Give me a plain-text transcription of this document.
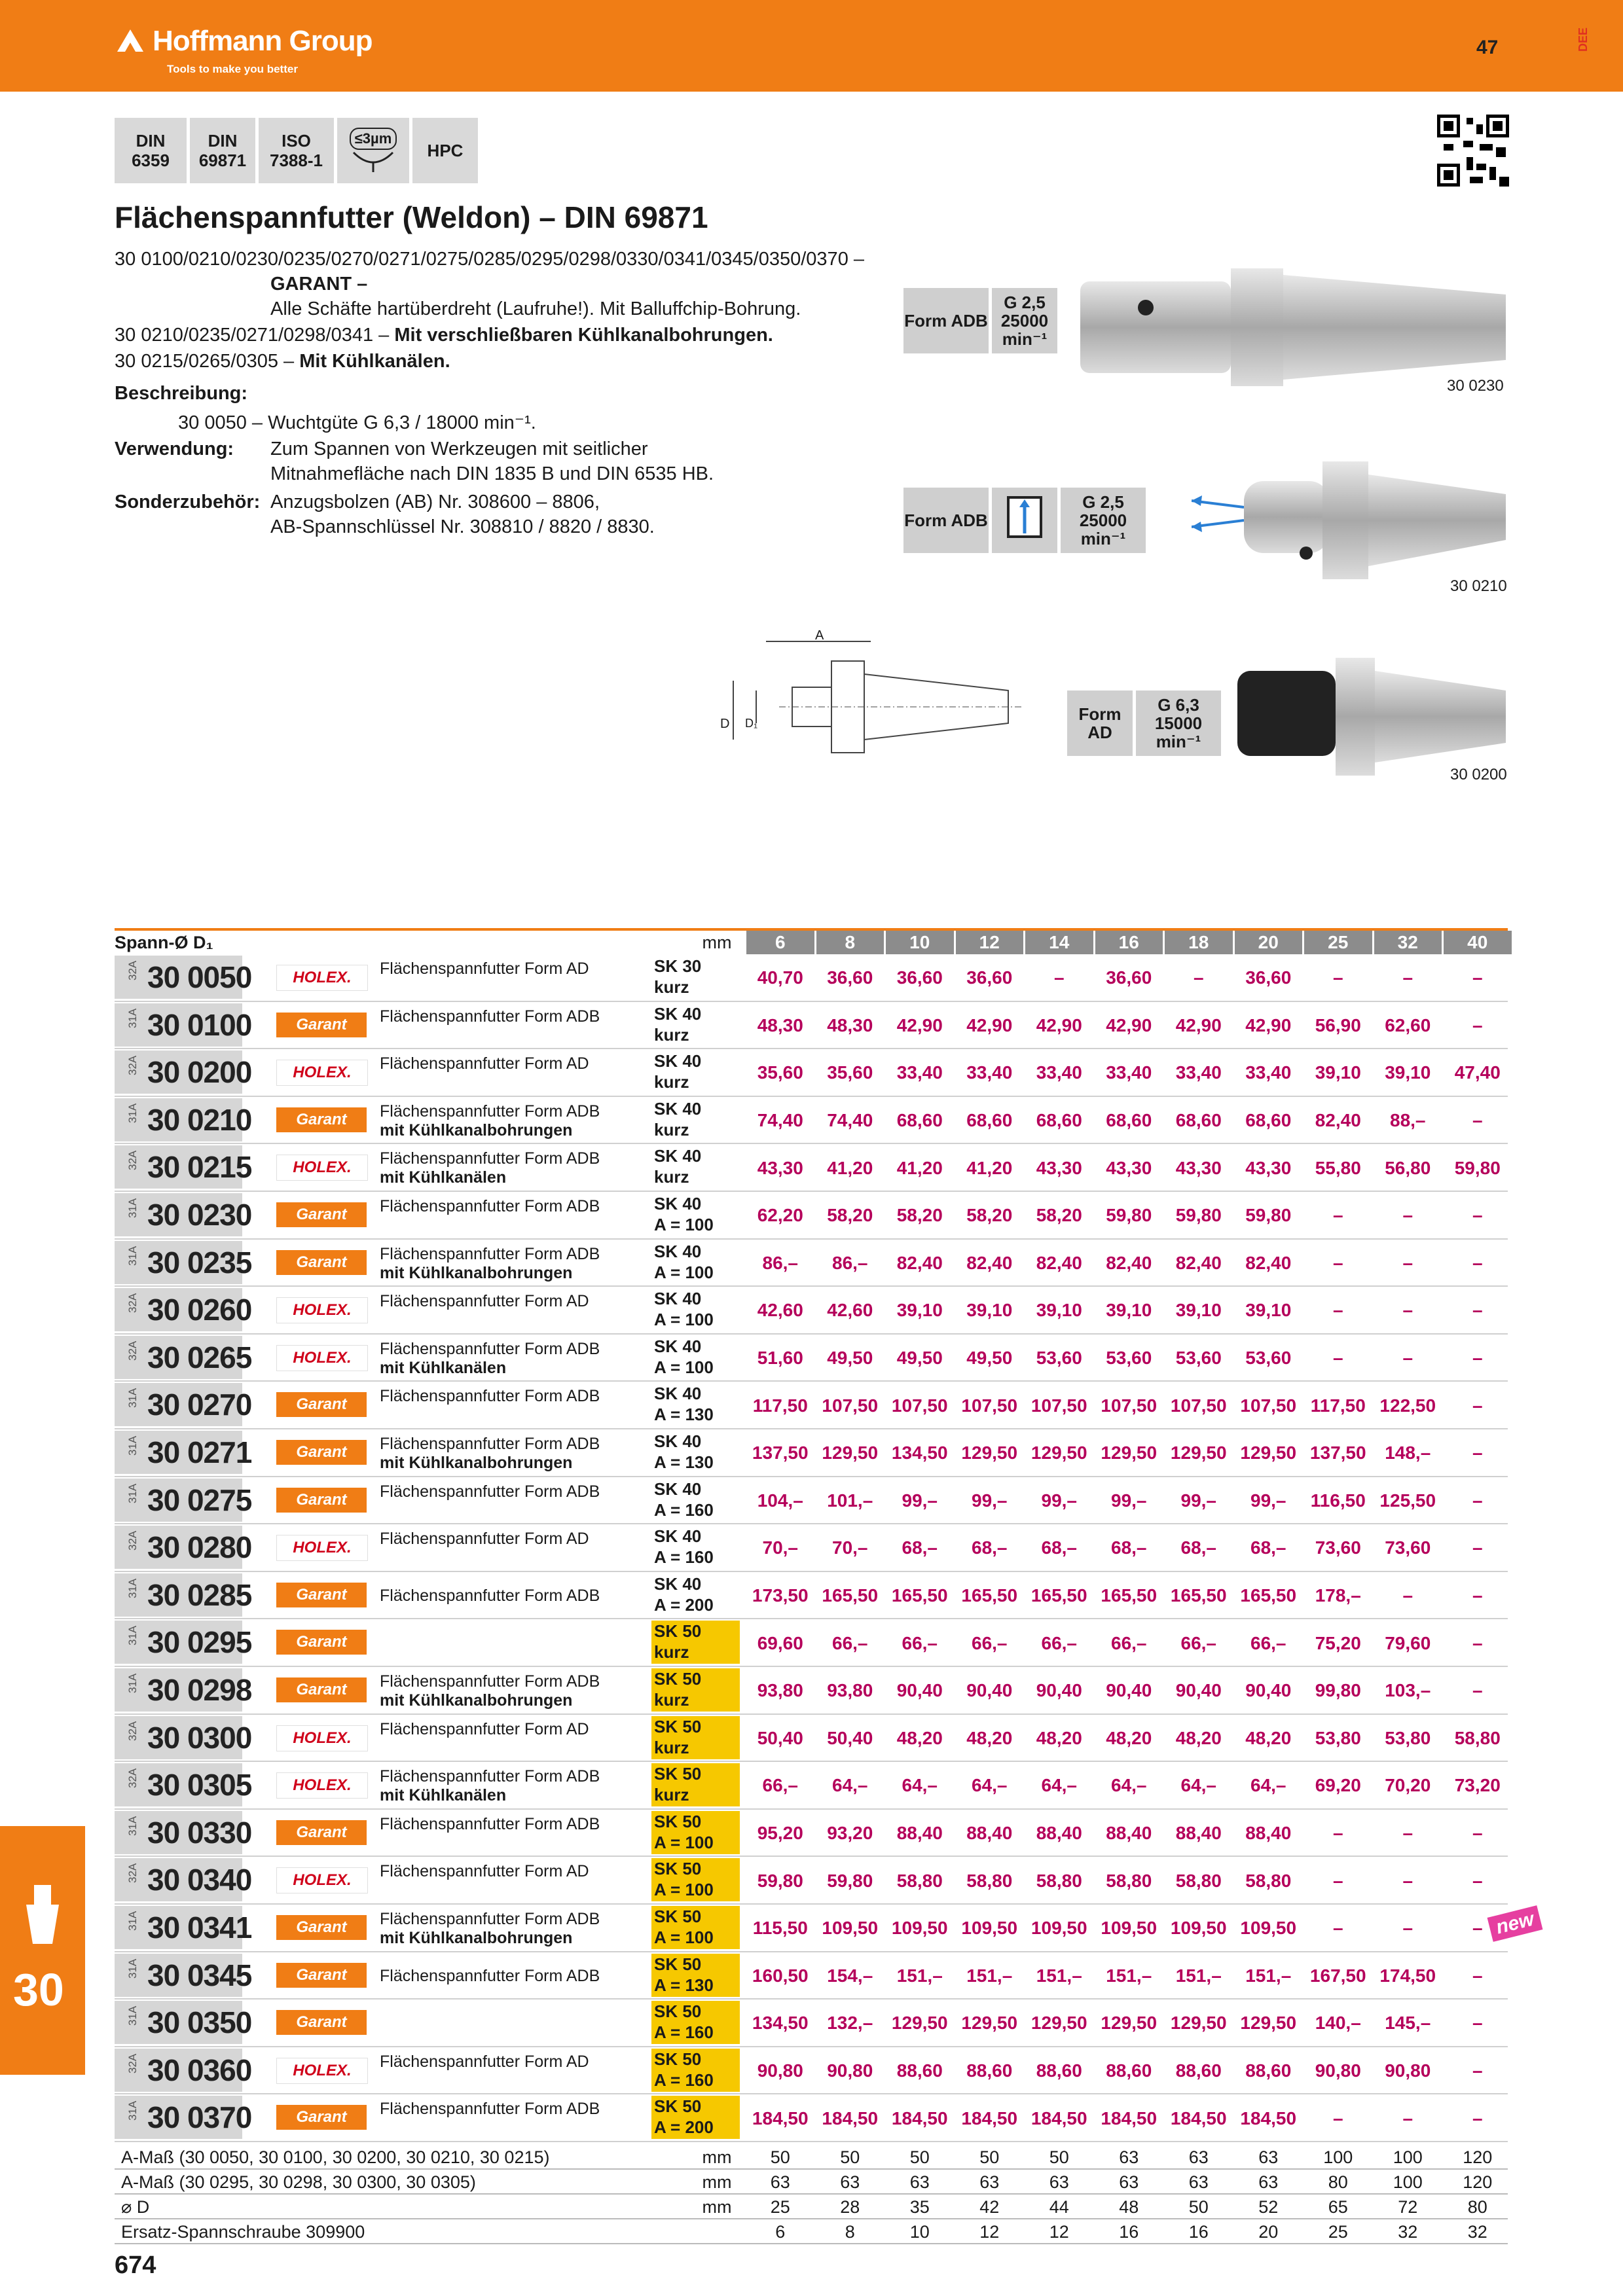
Hoffmann Group
Tools to make you better
47	DEE
DIN
6359
DIN
69871
ISO
7388-1
≤3µm
HPC
Flächenspannfutter (Weldon) – DIN 69871
30 0100/0210/0230/0235/0270/0271/0275/0285/0295/0298/0330/0341/0345/0350/0370 –
GARANT –
Alle Schäfte hartüberdreht (Laufruhe!). Mit Balluffchip-Bohrung.
30 0210/0235/0271/0298/0341 – Mit verschließbaren Kühlkanalbohrungen.
30 0215/0265/0305 – Mit Kühlkanälen.
Beschreibung:
30 0050 – Wuchtgüte G 6,3 / 18000 min⁻¹.
Verwendung: Zum Spannen von Werkzeugen mit seitlicher
Mitnahmefläche nach DIN 1835 B und DIN 6535 HB.
Sonderzubehör: Anzugsbolzen (AB) Nr. 308600 – 8806,
AB-Spannschlüssel Nr. 308810 / 8820 / 8830.
Form ADB
G 2,5
25000
min⁻¹
30 0230
Form ADB
G 2,5
25000
min⁻¹
30 0210
A
D D₁	Form AD
G 6,3
15000
min⁻¹
30 0200
Spann-Ø D₁	mm	6	8	10	12	14	16	18	20	25	32	40
32A 30 0050	HOLEX.	Flächenspannfutter Form AD	SK 30
kurz	40,70	36,60	36,60	36,60	–	36,60	–	36,60	–	–	–
31A 30 0100	Garant	Flächenspannfutter Form ADB	SK 40
kurz	48,30	48,30	42,90	42,90	42,90	42,90	42,90	42,90	56,90	62,60	–
32A 30 0200	HOLEX.	Flächenspannfutter Form AD	SK 40
kurz	35,60	35,60	33,40	33,40	33,40	33,40	33,40	33,40	39,10	39,10	47,40
31A 30 0210	Garant	Flächenspannfutter Form ADB
mit Kühlkanalbohrungen
SK 40
kurz	74,40	74,40	68,60	68,60	68,60	68,60	68,60	68,60	82,40	88,–	–
32A 30 0215	HOLEX.	Flächenspannfutter Form ADB
mit Kühlkanälen
SK 40
kurz	43,30	41,20	41,20	41,20	43,30	43,30	43,30	43,30	55,80	56,80	59,80
31A 30 0230	Garant	Flächenspannfutter Form ADB	SK 40
A = 100	62,20	58,20	58,20	58,20	58,20	59,80	59,80	59,80	–	–	–
31A 30 0235	Garant	Flächenspannfutter Form ADB
mit Kühlkanalbohrungen
SK 40
A = 100	86,–	86,–	82,40	82,40	82,40	82,40	82,40	82,40	–	–	–
32A 30 0260	HOLEX.	Flächenspannfutter Form AD	SK 40
A = 100	42,60	42,60	39,10	39,10	39,10	39,10	39,10	39,10	–	–	–
32A 30 0265	HOLEX.	Flächenspannfutter Form ADB
mit Kühlkanälen
SK 40
A = 100	51,60	49,50	49,50	49,50	53,60	53,60	53,60	53,60	–	–	–
31A 30 0270	Garant	Flächenspannfutter Form ADB	SK 40
A = 130	117,50 107,50 107,50 107,50 107,50 107,50 107,50 107,50 117,50 122,50	–
31A 30 0271	Garant	Flächenspannfutter Form ADB
mit Kühlkanalbohrungen
SK 40
A = 130	137,50 129,50 134,50 129,50 129,50 129,50 129,50 129,50 137,50	148,–	–
31A 30 0275	Garant	Flächenspannfutter Form ADB	SK 40
A = 160	104,–	101,–	99,–	99,–	99,–	99,–	99,–	99,–	116,50 125,50	–
32A 30 0280	HOLEX.	Flächenspannfutter Form AD	SK 40
A = 160	70,–	70,–	68,–	68,–	68,–	68,–	68,–	68,–	73,60	73,60	–
31A 30 0285	Garant
SK 40
A = 200	173,50 165,50 165,50 165,50 165,50 165,50 165,50 165,50	178,–	–	–
31A 30 0295	Garant
SK 50
kurz	69,60	66,–	66,–	66,–	66,–	66,–	66,–	66,–	75,20	79,60	–
31A 30 0298	Garant	Flächenspannfutter Form ADB
mit Kühlkanalbohrungen
SK 50
kurz	93,80	93,80	90,40	90,40	90,40	90,40	90,40	90,40	99,80	103,–	–
32A 30 0300	HOLEX.	Flächenspannfutter Form AD	SK 50
kurz	50,40	50,40	48,20	48,20	48,20	48,20	48,20	48,20	53,80	53,80	58,80
32A 30 0305	HOLEX.	Flächenspannfutter Form ADB
mit Kühlkanälen
SK 50
kurz	66,–	64,–	64,–	64,–	64,–	64,–	64,–	64,–	69,20	70,20	73,20
31A 30 0330	Garant	Flächenspannfutter Form ADB	SK 50
A = 100	95,20	93,20	88,40	88,40	88,40	88,40	88,40	88,40	–	–	–
32A 30 0340	HOLEX.	Flächenspannfutter Form AD	SK 50
A = 100	59,80	59,80	58,80	58,80	58,80	58,80	58,80	58,80	–	–	–
31A 30 0341	Garant	Flächenspannfutter Form ADB
mit Kühlkanalbohrungen
SK 50
A = 100	115,50 109,50 109,50 109,50 109,50 109,50 109,50 109,50	–	–	–
31A 30 0345	Garant
SK 50
A = 130	160,50	154,–	151,–	151,–	151,–	151,–	151,–	151,–	167,50 174,50	–
31A 30 0350	Garant
SK 50
A = 160	134,50	132,–	129,50 129,50 129,50 129,50 129,50 129,50	140,–	145,–	–
32A 30 0360	HOLEX.	Flächenspannfutter Form AD	SK 50
A = 160	90,80	90,80	88,60	88,60	88,60	88,60	88,60	88,60	90,80	90,80	–
31A 30 0370	Garant	Flächenspannfutter Form ADB	SK 50
A = 200	184,50 184,50 184,50 184,50 184,50 184,50 184,50 184,50	–	–	–
Flächenspannfutter Form ADB
Flächenspannfutter Form ADB
A-Maß (30 0050, 30 0100, 30 0200, 30 0210, 30 0215)	mm	50	50	50	50	50	63	63	63	100	100	120
A-Maß (30 0295, 30 0298, 30 0300, 30 0305)	mm	63	63	63	63	63	63	63	63	80	100	120
⌀ D	mm	25	28	35	42	44	48	50	52	65	72	80
Ersatz-Spannschraube 309900	6	8	10	12	12	16	16	20	25	32	32
new
30
674
